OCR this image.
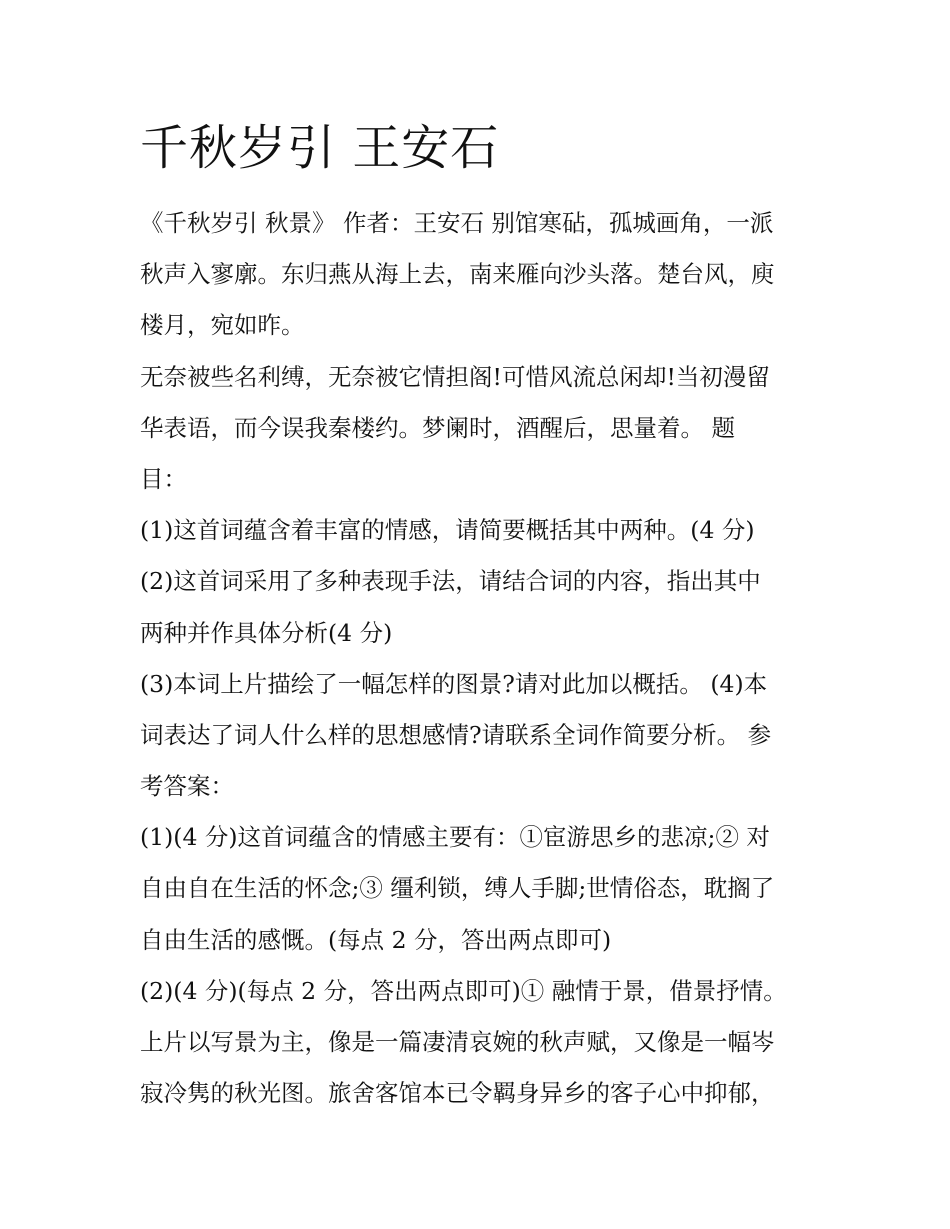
千秋岁引 王安石
《千秋岁引 秋景》 作者：王安石 别馆寒砧，孤城画角，一派
秋声入寥廓。东归燕从海上去，南来雁向沙头落。楚台风，庾
楼月，宛如昨。
无奈被些名利缚，无奈被它情担阁!可惜风流总闲却!当初漫留
华表语，而今误我秦楼约。梦阑时，酒醒后，思量着。 题
目：
(1)这首词蕴含着丰富的情感，请简要概括其中两种。(4 分)
(2)这首词采用了多种表现手法，请结合词的内容，指出其中
两种并作具体分析(4 分)
(3)本词上片描绘了一幅怎样的图景?请对此加以概括。 (4)本
词表达了词人什么样的思想感情?请联系全词作简要分析。 参
考答案：
(1)(4 分)这首词蕴含的情感主要有：①宦游思乡的悲凉;② 对
自由自在生活的怀念;③ 缰利锁，缚人手脚;世情俗态，耽搁了
自由生活的感慨。(每点 2 分，答出两点即可)
(2)(4 分)(每点 2 分，答出两点即可)① 融情于景，借景抒情。
上片以写景为主，像是一篇凄清哀婉的秋声赋，又像是一幅岑
寂冷隽的秋光图。旅舍客馆本已令羁身异乡的客子心中抑郁，
